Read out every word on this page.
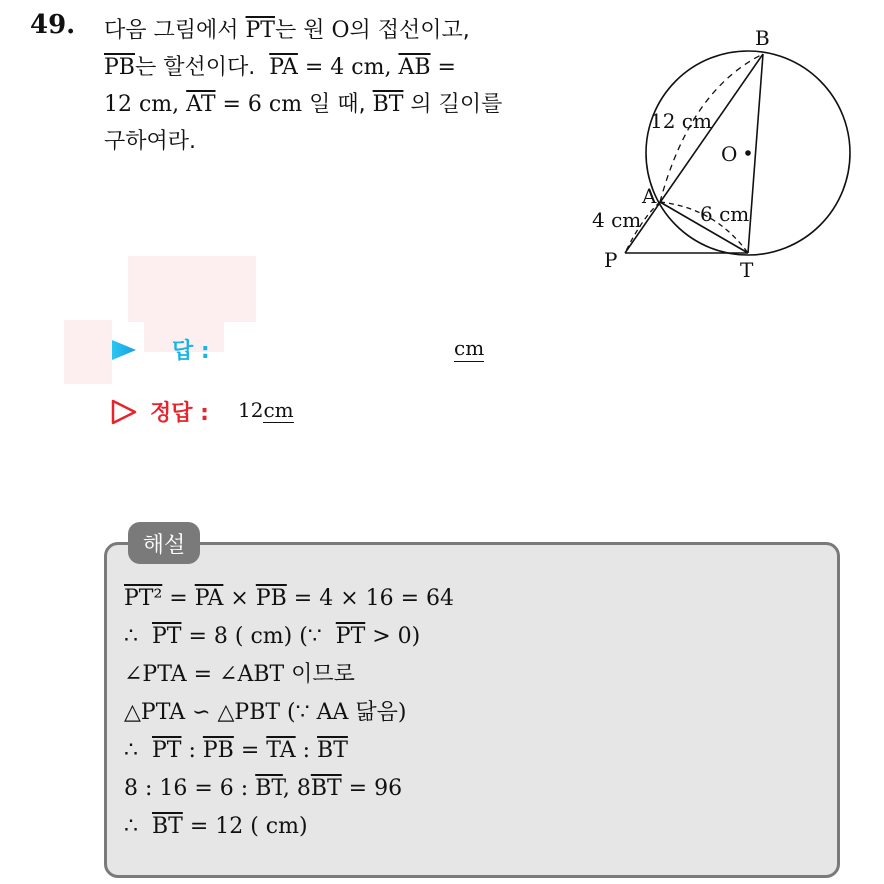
49. 다음 그림에서 $\overline{PT}$는 원 O의 접선이고,
$\overline{PB}$는 할선이다.  $\overline{PA} = 4$ cm, $\overline{AB}$ =
12 cm, $\overline{AT} = 6$ cm 일 때, $\overline{BT}$ 의 길이를
구하여라.
B
O
A
P	T
12 cm
4 cm	6 cm
답 :	cm
정답 : 12cm
해설
$PT^2 = \overline{PA} \times \overline{PB} = 4 \times 16 = 64$
∴  $\overline{PT} = 8$ ( cm) (∵  $\overline{PT} > 0$)
∠PTA = ∠ABT 이므로
△PTA ∽ △PBT (∵ AA 닮음)
∴  $\overline{PT}$ : $\overline{PB} = \overline{TA}$ : $\overline{BT}$
8 : 16 = 6 : $\overline{BT}$, $8\overline{BT} = 96$
∴  $\overline{BT} = 12$ ( cm)
